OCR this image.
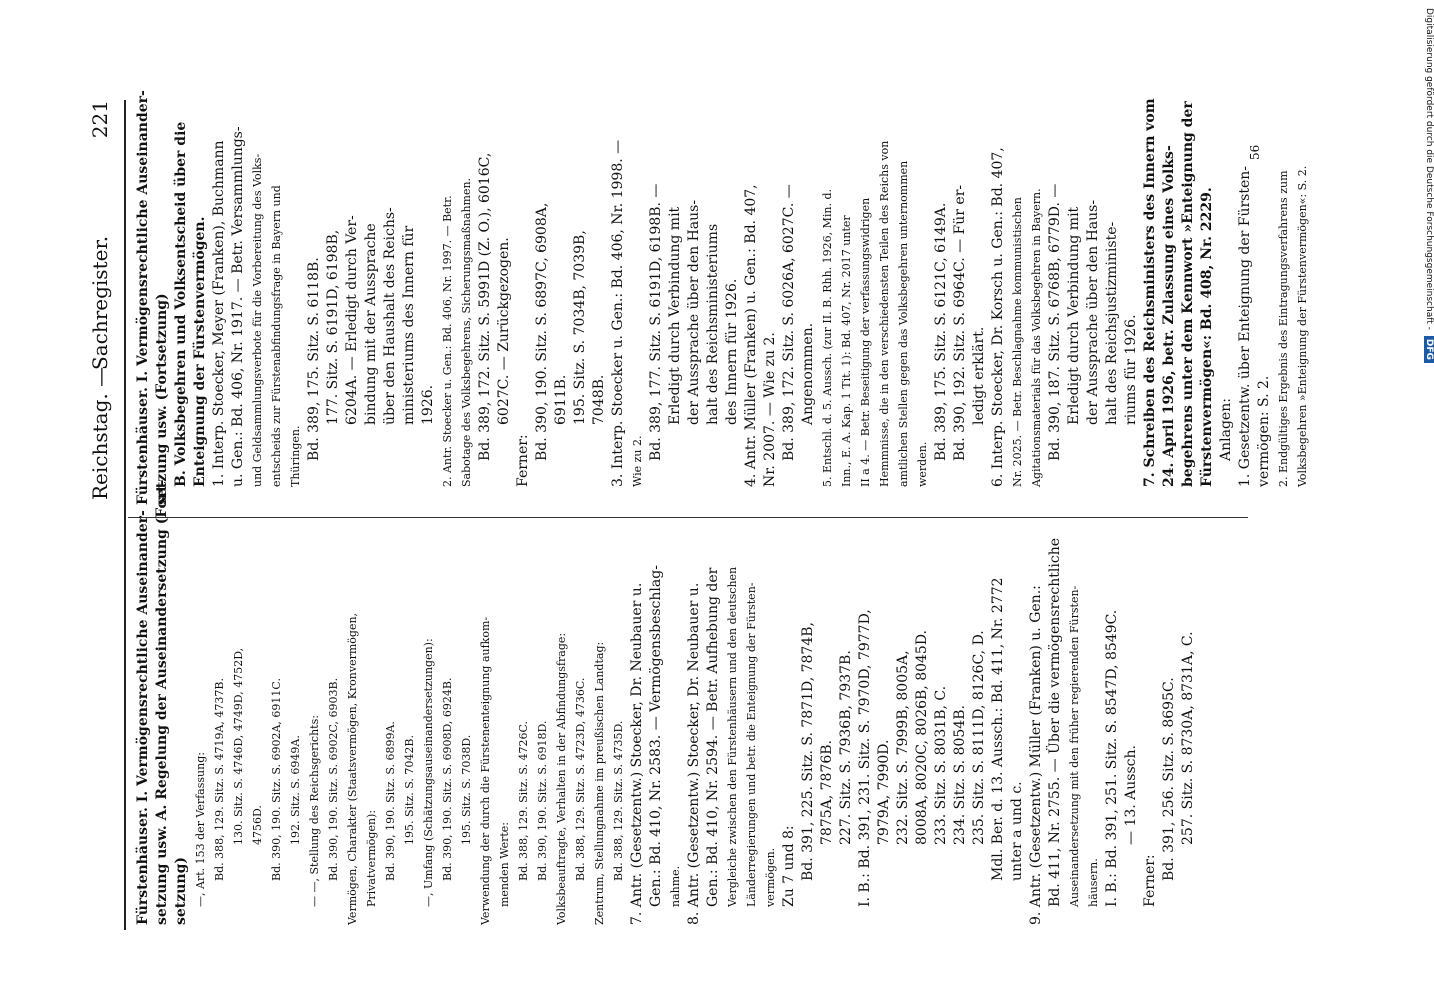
Reichstag. —
Sachregister.
221
Fürstenhäuser. I. Vermögensrechtliche Auseinander- setzung usw. A. Regelung der Auseinandersetzung (Fort- setzung) —, Art. 153 der Verfassung: Bd. 388, 129. Sitz. S. 4719A, 4737B. 130. Sitz. S. 4746D, 4749D, 4752D, 4756D. Bd. 390, 190. Sitz. S. 6902A, 6911C. 192. Sitz. S. 6949A. — —, Stellung des Reichsgerichts: Bd. 390, 190. Sitz. S. 6902C, 6903B. Vermögen, Charakter (Staatsvermögen, Kronvermögen, Privatvermögen): Bd. 390, 190. Sitz. S. 6899A. 195. Sitz. S. 7042B. —, Umfang (Schätzungsauseinandersetzungen): Bd. 390, 190. Sitz. S. 6908D, 6924B. 195. Sitz. S. 7038D. Verwendung der durch die Fürstenenteignung aufkom- menden Werte: Bd. 388, 129. Sitz. S. 4726C. Bd. 390, 190. Sitz. S. 6918D. Volksbeauftragte, Verhalten in der Abfindungsfrage: Bd. 388, 129. Sitz. S. 4723D, 4736C. Zentrum, Stellungnahme im preußischen Landtag: Bd. 388, 129. Sitz. S. 4735D. 7. Antr. (Gesetzentw.) Stoecker, Dr. Neubauer u. Gen.: Bd. 410, Nr. 2583. — Vermögensbeschlag- nahme. 8. Antr. (Gesetzentw.) Stoecker, Dr. Neubauer u. Gen.: Bd. 410, Nr. 2594. — Betr. Aufhebung der Vergleiche zwischen den Fürstenhäusern und den deutschen Länderregierungen und betr. die Enteignung der Fürsten- vermögen. Zu 7 und 8: Bd. 391, 225. Sitz. S. 7871D, 7874B, 7875A, 7876B. 227. Sitz. S. 7936B, 7937B. I. B.: Bd. 391, 231. Sitz. S. 7970D, 7977D, 7979A, 7990D. 232. Sitz. S. 7999B, 8005A, 8008A, 8020C, 8026B, 8045D. 233. Sitz. S. 8031B, C. 234. Sitz. S. 8054B. 235. Sitz. S. 8111D, 8126C, D. Mdl. Ber. d. 13. Aussch.: Bd. 411, Nr. 2772 unter a und c. 9. Antr. (Gesetzentw.) Müller (Franken) u. Gen.: Bd. 411, Nr. 2755. — Über die vermögensrechtliche Auseinandersetzung mit den früher regierenden Fürsten- häusern. I. B.: Bd. 391, 251. Sitz. S. 8547D, 8549C. — 13. Aussch.
Ferner: Bd. 391, 256. Sitz. S. 8695C. 257. Sitz. S. 8730A, 8731A, C.
Fürstenhäuser. I. Vermögensrechtliche Auseinander- setzung usw. (Fortsetzung) B. Volksbegehren und Volksentscheid über die Enteignung der Fürstenvermögen. 1. Interp. Stoecker, Meyer (Franken), Buchmann u. Gen.: Bd. 406, Nr. 1917. — Betr. Versammlungs- und Geldsammlungsverbote für die Vorbereitung des Volks- entscheids zur Fürstenabfindungsfrage in Bayern und Thüringen. Bd. 389, 175. Sitz. S. 6118B. 177. Sitz. S. 6191D, 6198B, 6204A. — Erledigt durch Ver- bindung mit der Aussprache über den Haushalt des Reichs- ministeriums des Innern für 1926. 2. Antr. Stoecker u. Gen.: Bd. 406, Nr. 1997. — Betr. Sabotage des Volksbegehrens, Sicherungsmaßnahmen. Bd. 389, 172. Sitz. S. 5991D (Z. O.), 6016C, 6027C. — Zurückgezogen.
Ferner: Bd. 390, 190. Sitz. S. 6897C, 6908A, 6911B. 195. Sitz. S. 7034B, 7039B, 7048B. 3. Interp. Stoecker u. Gen.: Bd. 406, Nr. 1998. — Wie zu 2.
Bd. 389, 177. Sitz. S. 6191D, 6198B. — Erledigt durch Verbindung mit der Aussprache über den Haus- halt des Reichsministeriums des Innern für 1926. 4. Antr. Müller (Franken) u. Gen.: Bd. 407, Nr. 2007. — Wie zu 2. Bd. 389, 172. Sitz. S. 6026A, 6027C. — Angenommen. 5. Entschl. d. 5. Aussch. (zur II. B. Rhh. 1926, Min. d. Inn., E. A. Kap. 1 Tit. 1): Bd. 407, Nr. 2017 unter II a 4. — Betr. Beseitigung der verfassungswidrigen Hemmnisse, die in den verschiedensten Teilen des Reichs von amtlichen Stellen gegen das Volksbegehren unternommen werden.
Bd. 389, 175. Sitz. S. 6121C, 6149A. Bd. 390, 192. Sitz. S. 6964C. — Für er- ledigt erklärt. 6. Interp. Stoecker, Dr. Korsch u. Gen.: Bd. 407, Nr. 2025. — Betr. Beschlagnahme kommunistischen Agitationsmaterials für das Volksbegehren in Bayern. Bd. 390, 187. Sitz. S. 6768B, 6779D. — Erledigt durch Verbindung mit der Aussprache über den Haus- halt des Reichsjustizministe- riums für 1926. 7. Schreiben des Reichsministers des Innern vom 24. April 1926, betr. Zulassung eines Volks- begehrens unter dem Kennwort »Enteignung der Fürstenvermögen«: Bd. 408, Nr. 2229. Anlagen: 1. Gesetzentw. über Enteignung der Fürsten- vermögen: S. 2. 2. Endgültiges Ergebnis des Eintragungsverfahrens zum Volksbegehren »Enteignung der Fürstenvermögen«: S. 2.
56	Digitalisierung gefördert durch die Deutsche Forschungsgemeinschaft -DFG
